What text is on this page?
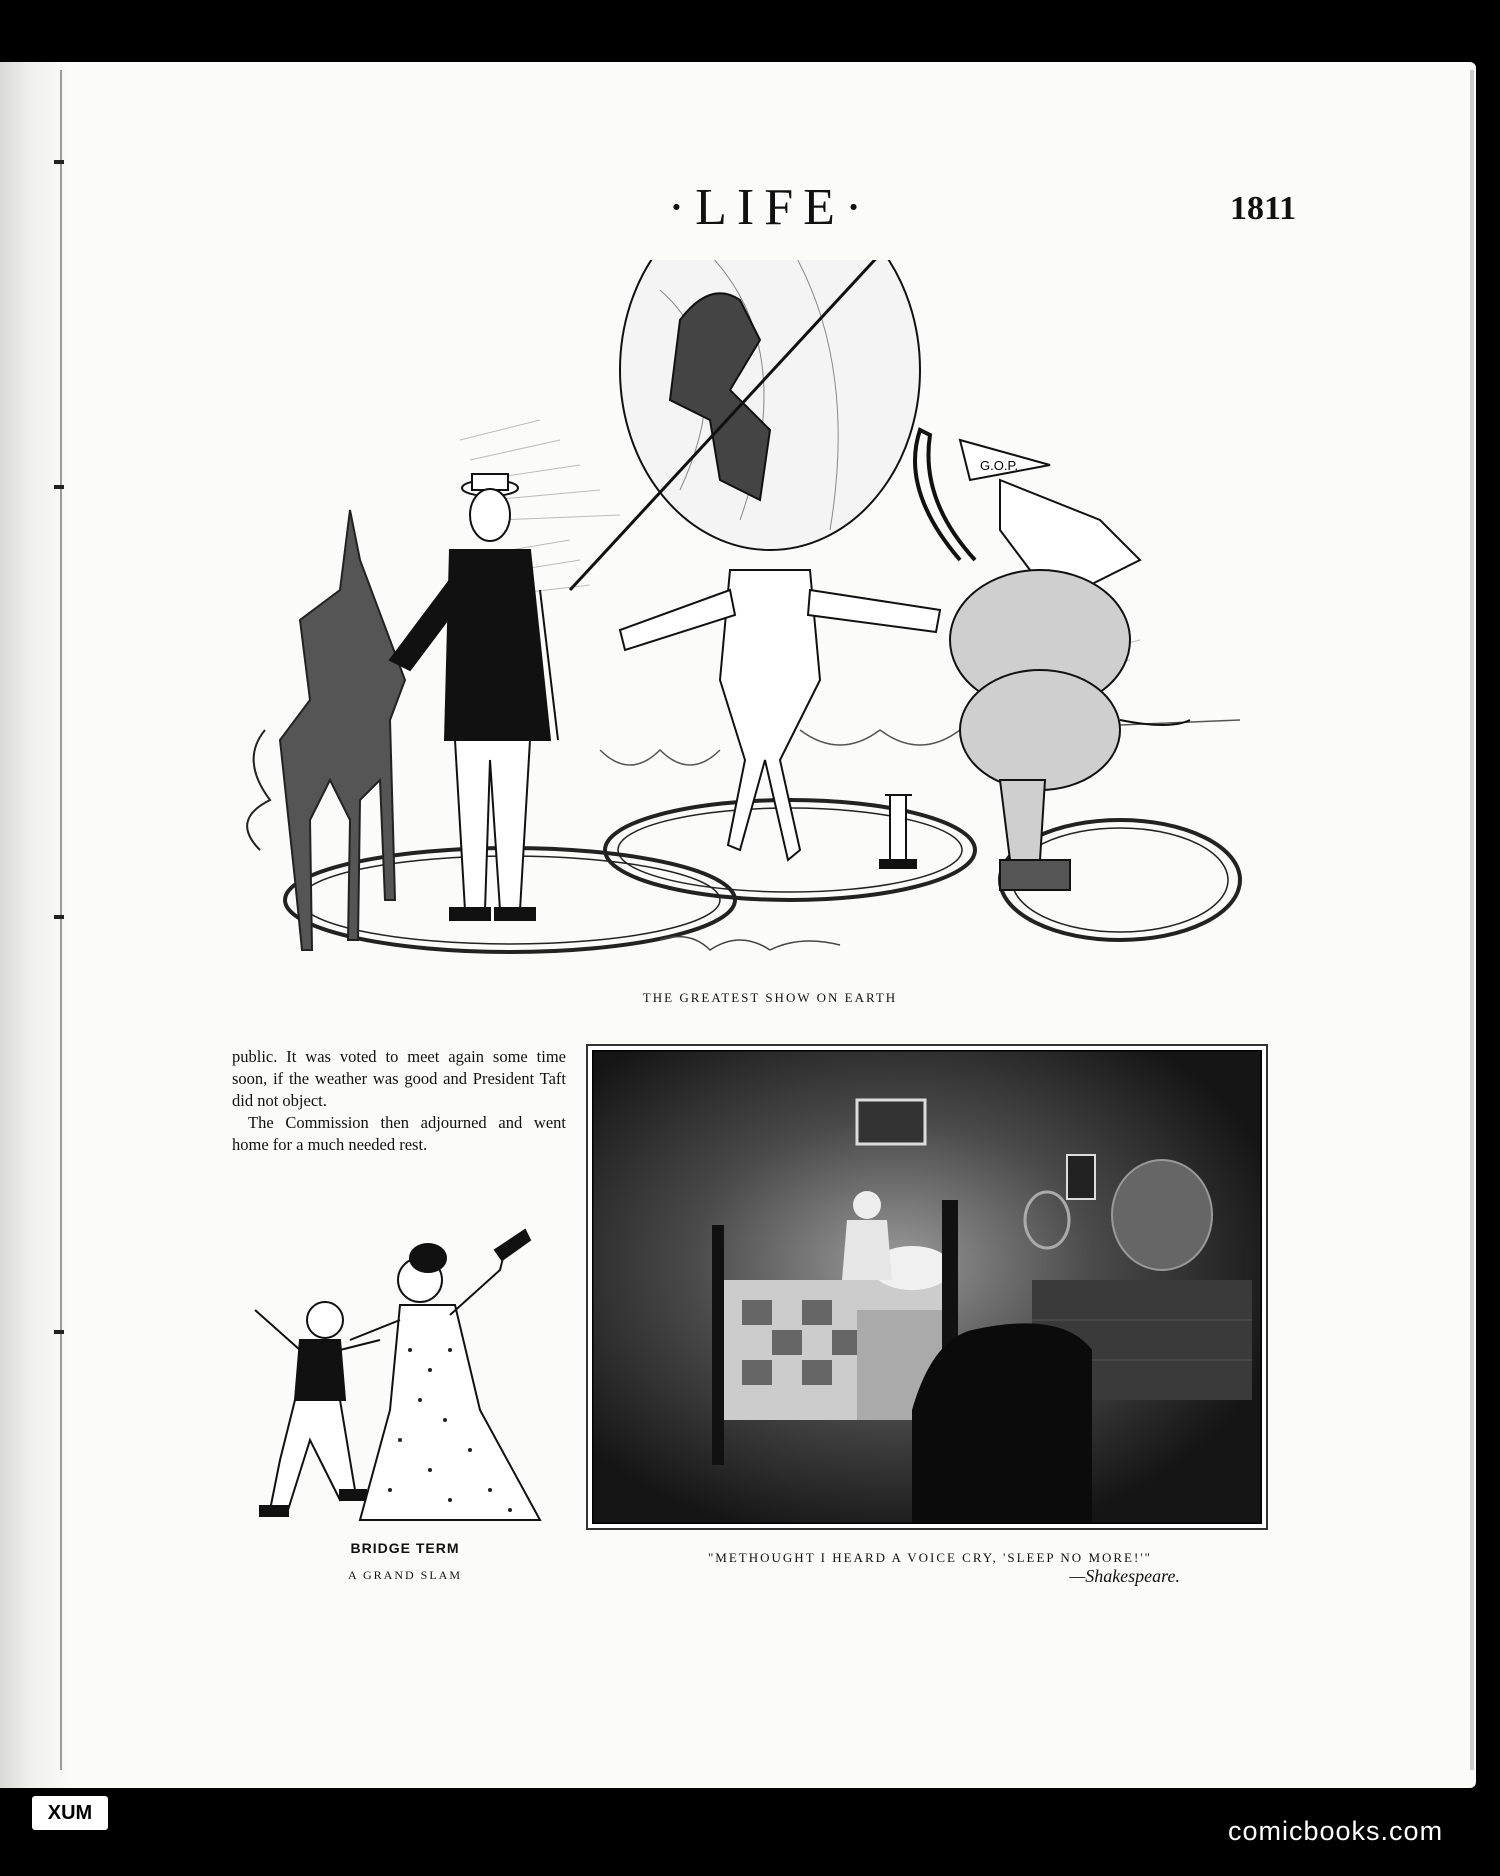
·LIFE·	1811
G.O.P.
THE GREATEST SHOW ON EARTH

public. It was voted to meet again some time soon, if the weather was good and President Taft did not object.

The Commission then adjourned and went home for a much needed rest.

BRIDGE TERM
A GRAND SLAM
"METHOUGHT I HEARD A VOICE CRY, 'SLEEP NO MORE!'"
—Shakespeare.
XUM
comicbooks.com
